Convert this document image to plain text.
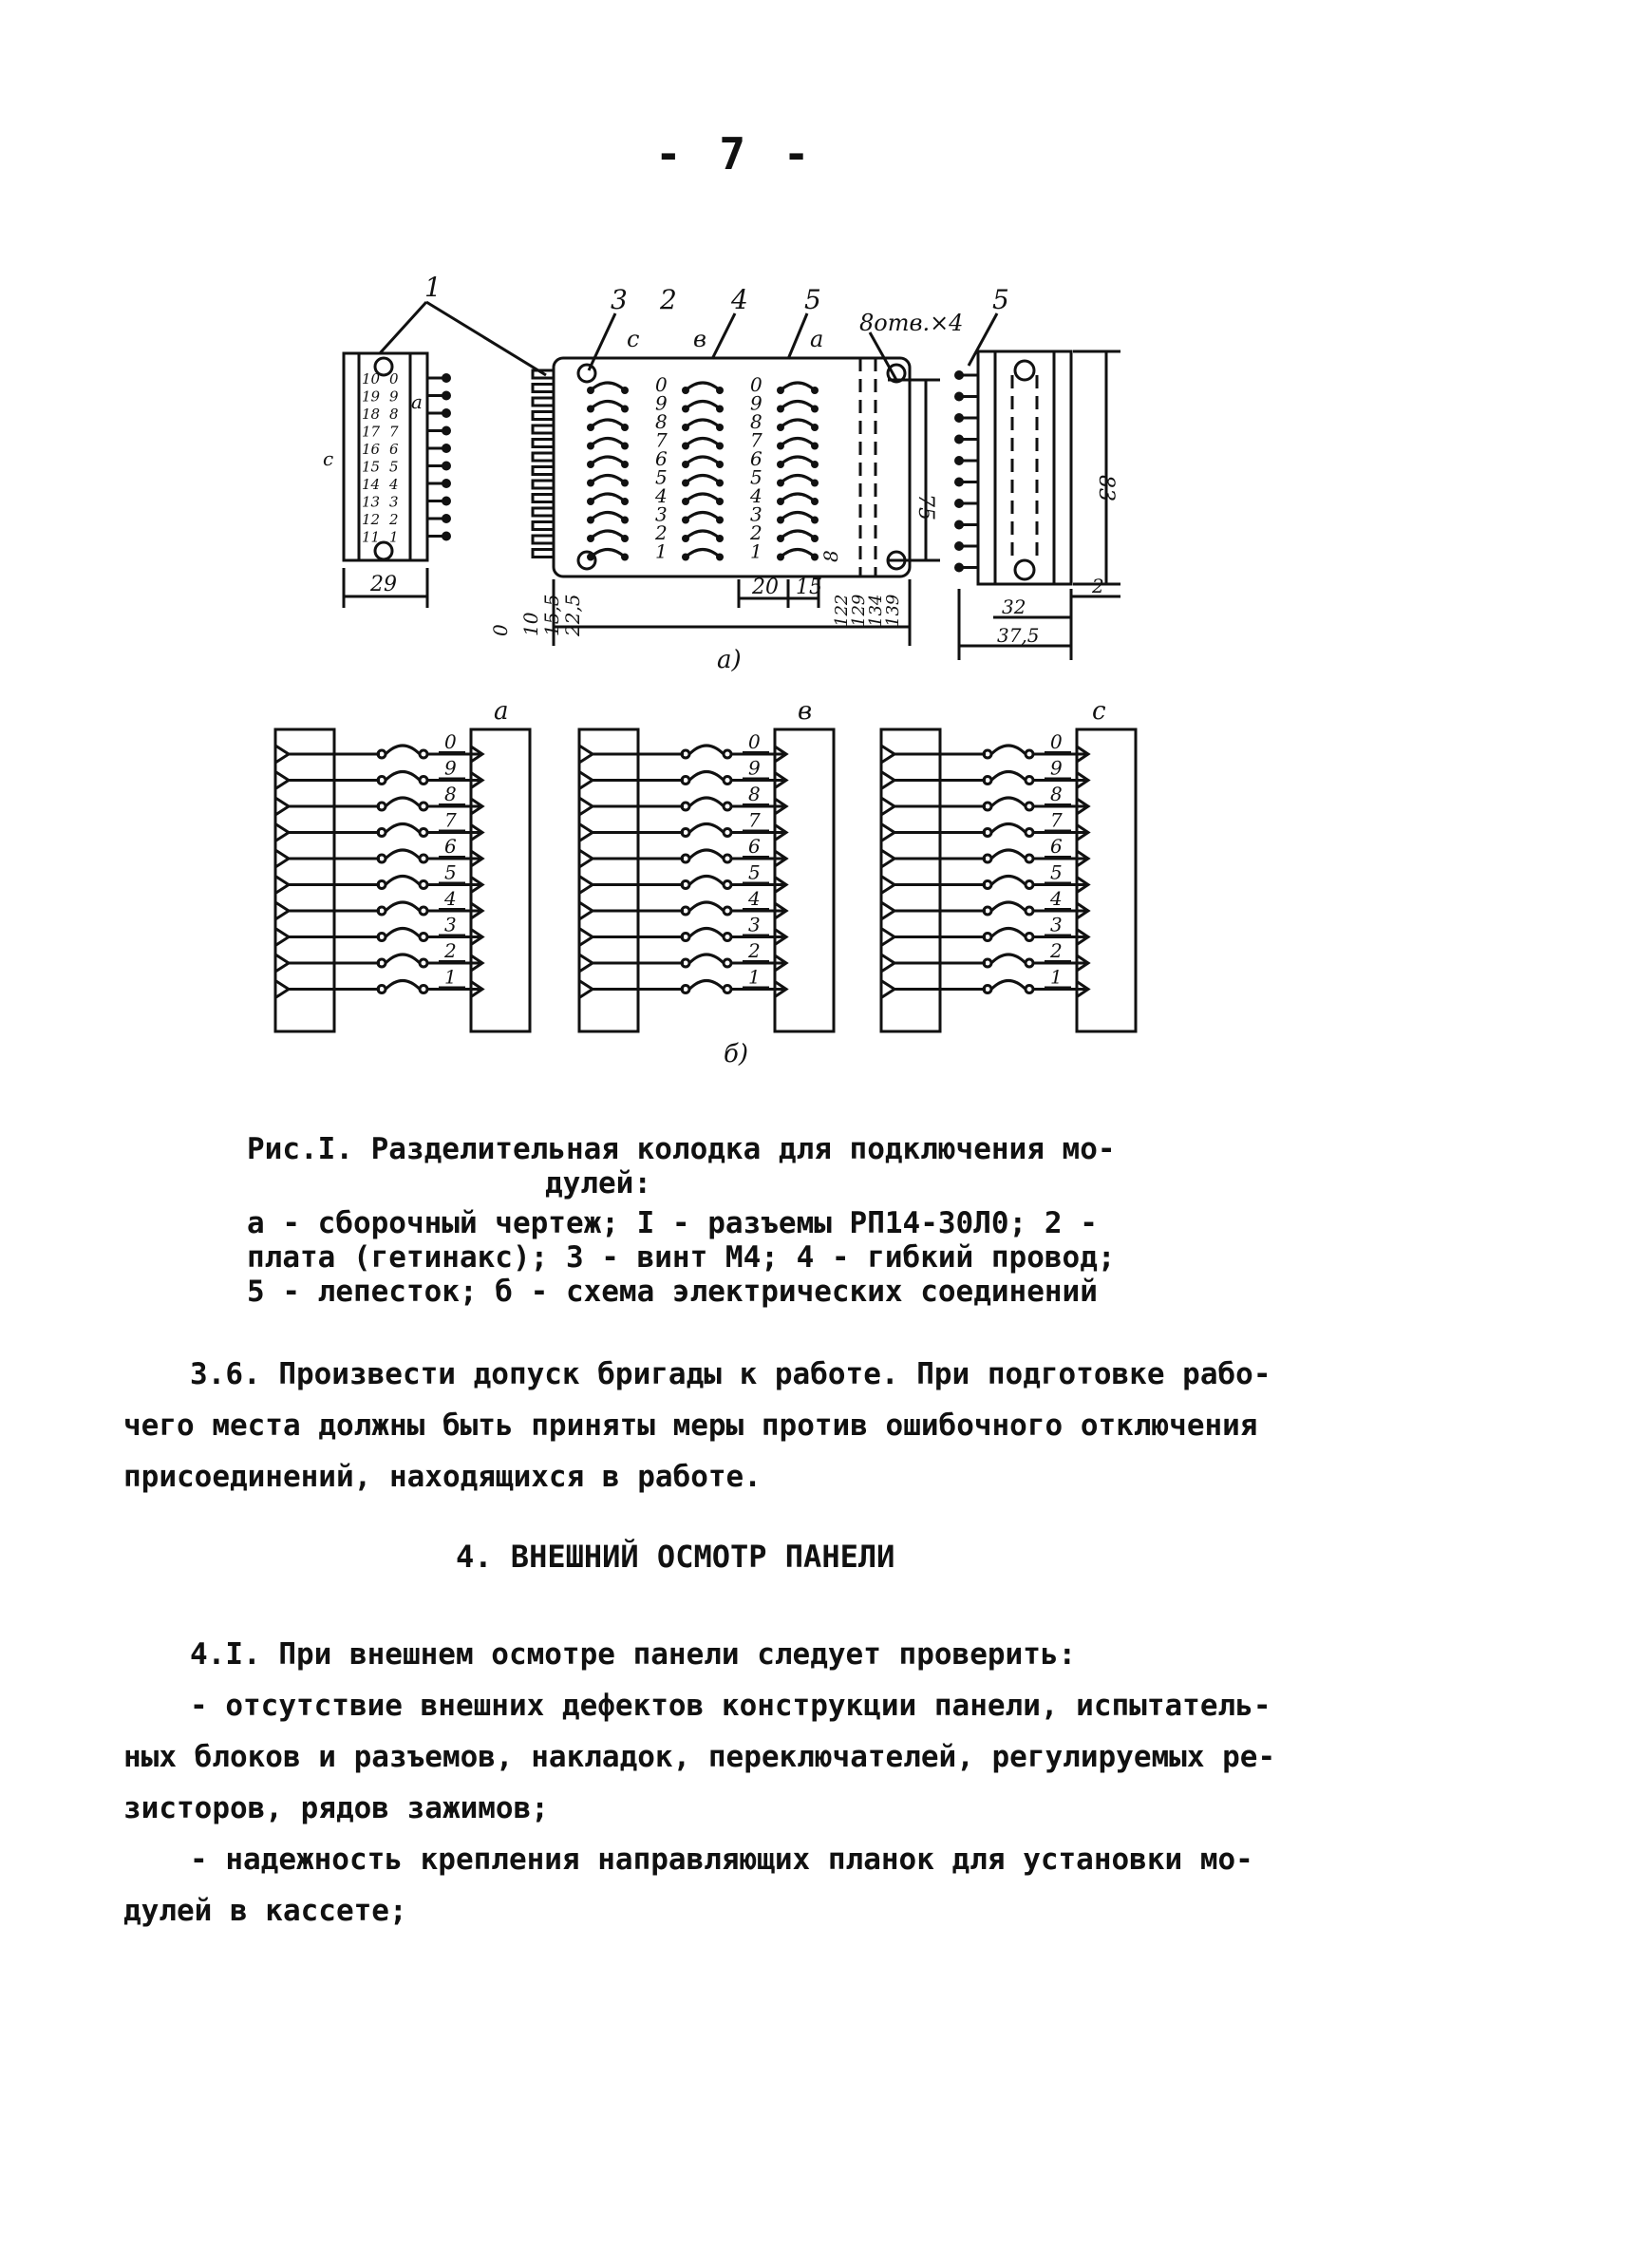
- 7 -
10 0
19 9
18 8
17 7
16 6
15 5
14 4
13 3
12 2
11 1
0
9
8
7
6
5
4
3
2
1
0
9
8
7
6
5
4
3
2
1
0
9
8
7
6
5
4
3
2
1
0
9
8
7
6
5
4
3
2
1
0
9
8
7
6
5
4
3
2
1
1	3 2 4 5	5
8отв.×4
c в	a
c
a
29
0 10
15,5
22,5
20 15
8
75
122
129
134
139
83
2
32
37,5
a)
a	в	c
б)
Рис.I. Разделительная колодка для подключения мо-
дулей:
a - сборочный чертеж; I - разъемы РП14-30Л0; 2 -
плата (гетинакс); 3 - винт М4; 4 - гибкий провод;
5 - лепесток; б - схема электрических соединений

3.6. Произвести допуск бригады к работе. При подготовке рабо-

чего места должны быть приняты меры против ошибочного отключения

присоединений, находящихся в работе.

4. ВНЕШНИЙ ОСМОТР ПАНЕЛИ

4.I. При внешнем осмотре панели следует проверить:

- отсутствие внешних дефектов конструкции панели, испытатель-

ных блоков и разъемов, накладок, переключателей, регулируемых ре-

зисторов, рядов зажимов;

- надежность крепления направляющих планок для установки мо-

дулей в кассете;
